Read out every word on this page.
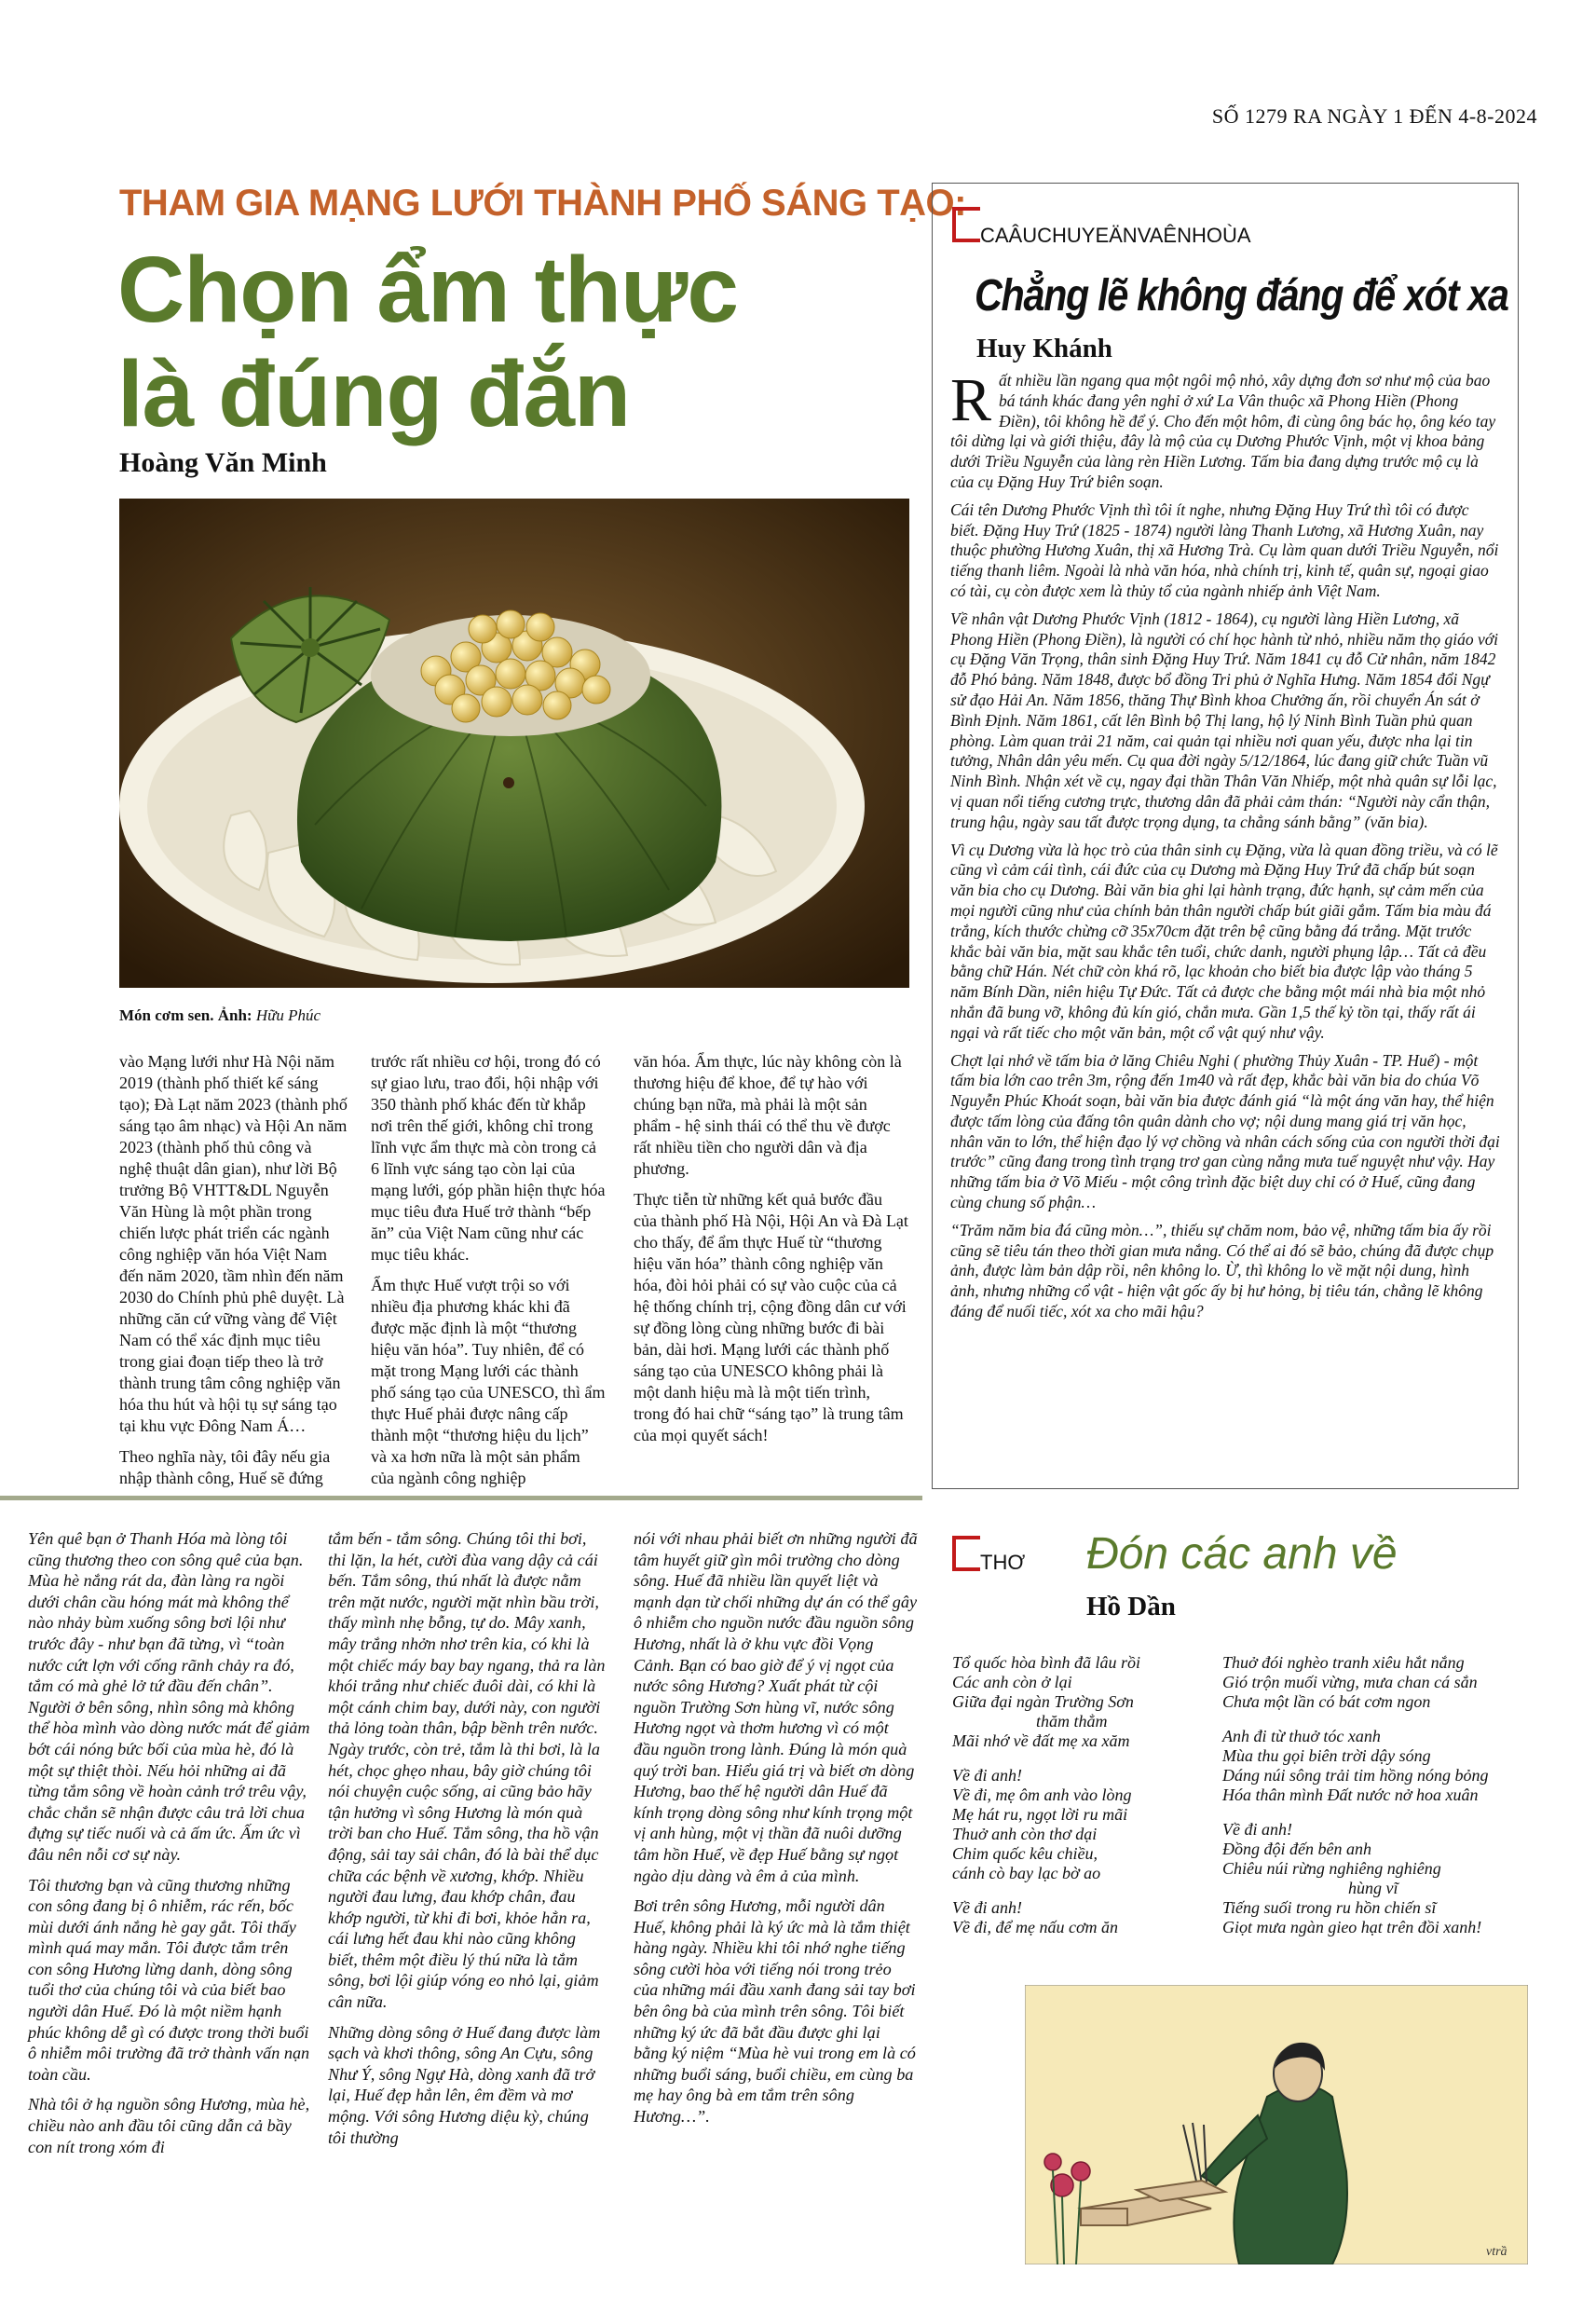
SỐ 1279 RA NGÀY 1 ĐẾN 4-8-2024
THAM GIA MẠNG LƯỚI THÀNH PHỐ SÁNG TẠO:
Chọn ẩm thực
là đúng đắn
Hoàng Văn Minh
Món cơm sen. Ảnh: Hữu Phúc

vào Mạng lưới như Hà Nội năm 2019 (thành phố thiết kế sáng tạo); Đà Lạt năm 2023 (thành phố sáng tạo âm nhạc) và Hội An năm 2023 (thành phố thủ công và nghệ thuật dân gian), như lời Bộ trưởng Bộ VHTT&DL Nguyễn Văn Hùng là một phần trong chiến lược phát triển các ngành công nghiệp văn hóa Việt Nam đến năm 2020, tầm nhìn đến năm 2030 do Chính phủ phê duyệt. Là những căn cứ vững vàng để Việt Nam có thể xác định mục tiêu trong giai đoạn tiếp theo là trở thành trung tâm công nghiệp văn hóa thu hút và hội tụ sự sáng tạo tại khu vực Đông Nam Á…

Theo nghĩa này, tôi đây nếu gia nhập thành công, Huế sẽ đứng

trước rất nhiều cơ hội, trong đó có sự giao lưu, trao đổi, hội nhập với 350 thành phố khác đến từ khắp nơi trên thế giới, không chỉ trong lĩnh vực ẩm thực mà còn trong cả 6 lĩnh vực sáng tạo còn lại của mạng lưới, góp phần hiện thực hóa mục tiêu đưa Huế trở thành “bếp ăn” của Việt Nam cũng như các mục tiêu khác.

Ẩm thực Huế vượt trội so với nhiều địa phương khác khi đã được mặc định là một “thương hiệu văn hóa”. Tuy nhiên, để có mặt trong Mạng lưới các thành phố sáng tạo của UNESCO, thì ẩm thực Huế phải được nâng cấp thành một “thương hiệu du lịch” và xa hơn nữa là một sản phẩm của ngành công nghiệp

văn hóa. Ẩm thực, lúc này không còn là thương hiệu để khoe, để tự hào với chúng bạn nữa, mà phải là một sản phẩm - hệ sinh thái có thể thu về được rất nhiều tiền cho người dân và địa phương.

Thực tiễn từ những kết quả bước đầu của thành phố Hà Nội, Hội An và Đà Lạt cho thấy, để ẩm thực Huế từ “thương hiệu văn hóa” thành công nghiệp văn hóa, đòi hỏi phải có sự vào cuộc của cả hệ thống chính trị, cộng đồng dân cư với sự đồng lòng cùng những bước đi bài bản, dài hơi. Mạng lưới các thành phố sáng tạo của UNESCO không phải là một danh hiệu mà là một tiến trình, trong đó hai chữ “sáng tạo” là trung tâm của mọi quyết sách!

CAÂUCHUYEÄNVAÊNHOÙA
Chẳng lẽ không đáng để xót xa
Huy Khánh

Rất nhiều lần ngang qua một ngôi mộ nhỏ, xây dựng đơn sơ như mộ của bao bá tánh khác đang yên nghỉ ở xứ La Vân thuộc xã Phong Hiền (Phong Điền), tôi không hề để ý. Cho đến một hôm, đi cùng ông bác họ, ông kéo tay tôi dừng lại và giới thiệu, đây là mộ của cụ Dương Phước Vịnh, một vị khoa bảng dưới Triều Nguyễn của làng rèn Hiền Lương. Tấm bia đang dựng trước mộ cụ là của cụ Đặng Huy Trứ biên soạn.

Cái tên Dương Phước Vịnh thì tôi ít nghe, nhưng Đặng Huy Trứ thì tôi có được biết. Đặng Huy Trứ (1825 - 1874) người làng Thanh Lương, xã Hương Xuân, nay thuộc phường Hương Xuân, thị xã Hương Trà. Cụ làm quan dưới Triều Nguyễn, nổi tiếng thanh liêm. Ngoài là nhà văn hóa, nhà chính trị, kinh tế, quân sự, ngoại giao có tài, cụ còn được xem là thủy tổ của ngành nhiếp ảnh Việt Nam.

Về nhân vật Dương Phước Vịnh (1812 - 1864), cụ người làng Hiền Lương, xã Phong Hiền (Phong Điền), là người có chí học hành từ nhỏ, nhiều năm thọ giáo với cụ Đặng Văn Trọng, thân sinh Đặng Huy Trứ. Năm 1841 cụ đỗ Cử nhân, năm 1842 đỗ Phó bảng. Năm 1848, được bổ đồng Tri phủ ở Nghĩa Hưng. Năm 1854 đổi Ngự sử đạo Hải An. Năm 1856, thăng Thự Bình khoa Chưởng ấn, rồi chuyển Án sát ở Bình Định. Năm 1861, cất lên Bình bộ Thị lang, hộ lý Ninh Bình Tuần phủ quan phòng. Làm quan trải 21 năm, cai quản tại nhiều nơi quan yếu, được nha lại tin tưởng, Nhân dân yêu mến. Cụ qua đời ngày 5/12/1864, lúc đang giữ chức Tuần vũ Ninh Bình. Nhận xét về cụ, ngay đại thần Thân Văn Nhiếp, một nhà quân sự lỗi lạc, vị quan nổi tiếng cương trực, thương dân đã phải cảm thán: “Người này cẩn thận, trung hậu, ngày sau tất được trọng dụng, ta chẳng sánh bằng” (văn bia).

Vì cụ Dương vừa là học trò của thân sinh cụ Đặng, vừa là quan đồng triều, và có lẽ cũng vì cảm cái tình, cái đức của cụ Dương mà Đặng Huy Trứ đã chấp bút soạn văn bia cho cụ Dương. Bài văn bia ghi lại hành trạng, đức hạnh, sự cảm mến của mọi người cũng như của chính bản thân người chấp bút giãi gắm. Tấm bia màu đá trắng, kích thước chừng cỡ 35x70cm đặt trên bệ cũng bằng đá trắng. Mặt trước khắc bài văn bia, mặt sau khắc tên tuổi, chức danh, người phụng lập… Tất cả đều bằng chữ Hán. Nét chữ còn khá rõ, lạc khoản cho biết bia được lập vào tháng 5 năm Bính Dần, niên hiệu Tự Đức. Tất cả được che bằng một mái nhà bia một nhỏ nhắn đã bung vỡ, không đủ kín gió, chắn mưa. Gần 1,5 thế kỷ tồn tại, thấy rất ái ngại và rất tiếc cho một văn bản, một cổ vật quý như vậy.

Chợt lại nhớ về tấm bia ở lăng Chiêu Nghi ( phường Thủy Xuân - TP. Huế) - một tấm bia lớn cao trên 3m, rộng đến 1m40 và rất đẹp, khắc bài văn bia do chúa Võ Nguyễn Phúc Khoát soạn, bài văn bia được đánh giá “là một áng văn hay, thể hiện được tấm lòng của đấng tôn quân dành cho vợ; nội dung mang giá trị văn học, nhân văn to lớn, thể hiện đạo lý vợ chồng và nhân cách sống của con người thời đại trước” cũng đang trong tình trạng trơ gan cùng nắng mưa tuế nguyệt như vậy. Hay những tấm bia ở Võ Miếu - một công trình đặc biệt duy chỉ có ở Huế, cũng đang cùng chung số phận…

“Trăm năm bia đá cũng mòn…”, thiếu sự chăm nom, bảo vệ, những tấm bia ấy rồi cũng sẽ tiêu tán theo thời gian mưa nắng. Có thể ai đó sẽ bảo, chúng đã được chụp ảnh, được làm bản dập rồi, nên không lo. Ừ, thì không lo về mặt nội dung, hình ảnh, nhưng những cổ vật - hiện vật gốc ấy bị hư hỏng, bị tiêu tán, chẳng lẽ không đáng để nuối tiếc, xót xa cho mãi hậu?

Yên quê bạn ở Thanh Hóa mà lòng tôi cũng thương theo con sông quê của bạn. Mùa hè nắng rát da, đàn làng ra ngồi dưới chân cầu hóng mát mà không thể nào nhảy bùm xuống sông bơi lội như trước đây - như bạn đã từng, vì “toàn nước cứt lợn với cống rãnh chảy ra đó, tắm có mà ghẻ lở tứ đầu đến chân”. Người ở bên sông, nhìn sông mà không thể hòa mình vào dòng nước mát để giảm bớt cái nóng bức bối của mùa hè, đó là một sự thiệt thòi. Nếu hỏi những ai đã từng tắm sông về hoàn cảnh trớ trêu vậy, chắc chắn sẽ nhận được câu trả lời chua đựng sự tiếc nuối và cả ấm ức. Ấm ức vì đâu nên nỗi cơ sự này.

Tôi thương bạn và cũng thương những con sông đang bị ô nhiễm, rác rến, bốc mùi dưới ánh nắng hè gay gắt. Tôi thấy mình quá may mắn. Tôi được tắm trên con sông Hương lừng danh, dòng sông tuổi thơ của chúng tôi và của biết bao người dân Huế. Đó là một niềm hạnh phúc không dễ gì có được trong thời buổi ô nhiễm môi trường đã trở thành vấn nạn toàn cầu.

Nhà tôi ở hạ nguồn sông Hương, mùa hè, chiều nào anh đầu tôi cũng dẫn cả bầy con nít trong xóm đi

tắm bến - tắm sông. Chúng tôi thi bơi, thi lặn, la hét, cười đùa vang dậy cả cái bến. Tắm sông, thú nhất là được nằm trên mặt nước, người mặt nhìn bầu trời, thấy mình nhẹ bỗng, tự do. Mây xanh, mây trắng nhởn nhơ trên kia, có khi là một chiếc máy bay bay ngang, thả ra làn khói trắng như chiếc đuôi dài, có khi là một cánh chim bay, dưới này, con người thả lỏng toàn thân, bập bềnh trên nước. Ngày trước, còn trẻ, tắm là thi bơi, là la hét, chọc ghẹo nhau, bây giờ chúng tôi nói chuyện cuộc sống, ai cũng bảo hãy tận hưởng vì sông Hương là món quà trời ban cho Huế. Tắm sông, tha hồ vận động, sải tay sải chân, đó là bài thể dục chữa các bệnh về xương, khớp. Nhiều người đau lưng, đau khớp chân, đau khớp người, từ khi đi bơi, khỏe hẳn ra, cái lưng hết đau khi nào cũng không biết, thêm một điều lý thú nữa là tắm sông, bơi lội giúp vóng eo nhỏ lại, giảm cân nữa.

Những dòng sông ở Huế đang được làm sạch và khơi thông, sông An Cựu, sông Như Ý, sông Ngự Hà, dòng xanh đã trở lại, Huế đẹp hẳn lên, êm đềm và mơ mộng. Với sông Hương diệu kỳ, chúng tôi thường

nói với nhau phải biết ơn những người đã tâm huyết giữ gìn môi trường cho dòng sông. Huế đã nhiều lần quyết liệt và mạnh dạn từ chối những dự án có thể gây ô nhiễm cho nguồn nước đầu nguồn sông Hương, nhất là ở khu vực đồi Vọng Cảnh. Bạn có bao giờ để ý vị ngọt của nước sông Hương? Xuất phát từ cội nguồn Trường Sơn hùng vĩ, nước sông Hương ngọt và thơm hương vì có một đầu nguồn trong lành. Đúng là món quà quý trời ban. Hiểu giá trị và biết ơn dòng Hương, bao thế hệ người dân Huế đã kính trọng dòng sông như kính trọng một vị anh hùng, một vị thần đã nuôi dưỡng tâm hồn Huế, về đẹp Huế bằng sự ngọt ngào dịu dàng và êm ả của mình.

Bơi trên sông Hương, mỗi người dân Huế, không phải là ký ức mà là tắm thiệt hàng ngày. Nhiều khi tôi nhớ nghe tiếng sông cười hòa với tiếng nói trong trẻo của những mái đầu xanh đang sải tay bơi bên ông bà của mình trên sông. Tôi biết những ký ức đã bắt đầu được ghi lại bằng ký niệm “Mùa hè vui trong em là có những buổi sáng, buổi chiều, em cùng ba mẹ hay ông bà em tắm trên sông Hương…”.

THƠ Đón các anh về
Hồ Dần
Tổ quốc hòa bình đã lâu rồi
Các anh còn ở lại
Giữa đại ngàn Trường Sơn
thăm thẳm
Mãi nhớ về đất mẹ xa xăm
Về đi anh!
Về đi, mẹ ôm anh vào lòng
Mẹ hát ru, ngọt lời ru mãi
Thuở anh còn thơ dại
Chim quốc kêu chiều,
cánh cò bay lạc bờ ao
Về đi anh!
Về đi, để mẹ nấu cơm ăn
Thuở đói nghèo tranh xiêu hắt nắng
Gió trộn muối vừng, mưa chan cá sắn
Chưa một lần có bát cơm ngon
Anh đi từ thuở tóc xanh
Mùa thu gọi biên trời dậy sóng
Dáng núi sông trải tim hồng nóng bỏng
Hóa thân mình Đất nước nở hoa xuân
Về đi anh!
Đồng đội đến bên anh
Chiêu núi rừng nghiêng nghiêng
hùng vĩ
Tiếng suối trong ru hồn chiến sĩ
Giọt mưa ngàn gieo hạt trên đồi xanh!
vtrầ
